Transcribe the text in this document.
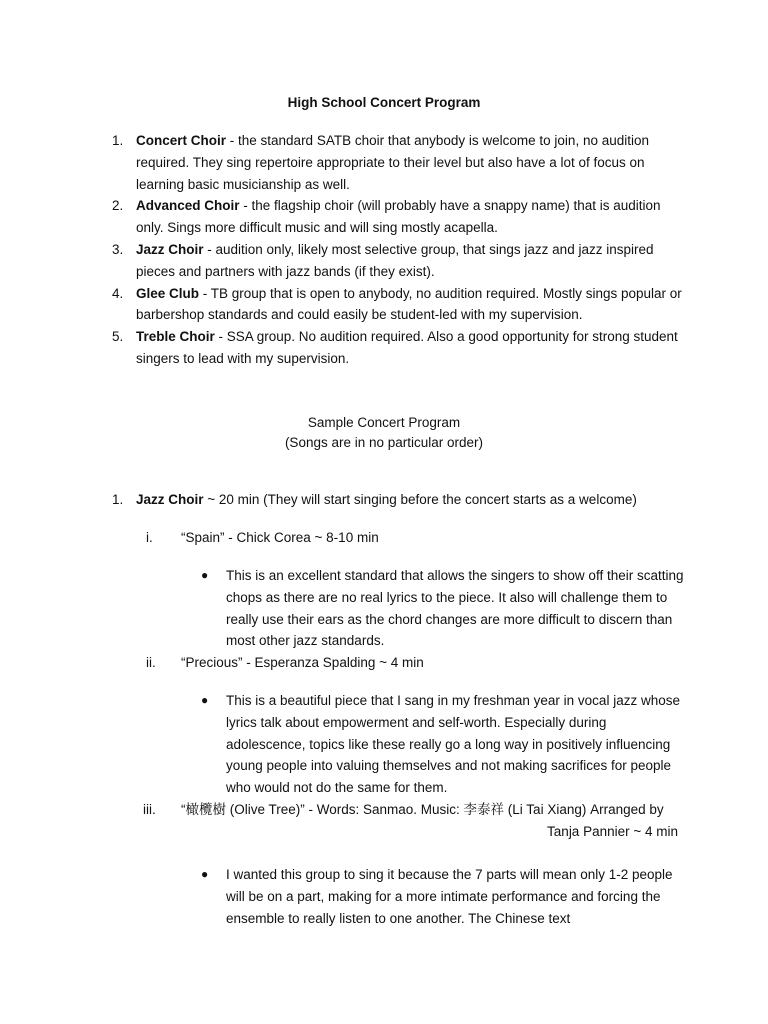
High School Concert Program
1. Concert Choir - the standard SATB choir that anybody is welcome to join, no audition required. They sing repertoire appropriate to their level but also have a lot of focus on learning basic musicianship as well.
2. Advanced Choir - the flagship choir (will probably have a snappy name) that is audition only. Sings more difficult music and will sing mostly acapella.
3. Jazz Choir - audition only, likely most selective group, that sings jazz and jazz inspired pieces and partners with jazz bands (if they exist).
4. Glee Club - TB group that is open to anybody, no audition required. Mostly sings popular or barbershop standards and could easily be student-led with my supervision.
5. Treble Choir - SSA group. No audition required. Also a good opportunity for strong student singers to lead with my supervision.
Sample Concert Program
(Songs are in no particular order)
1. Jazz Choir ~ 20 min (They will start singing before the concert starts as a welcome)
i. “Spain” - Chick Corea ~ 8-10 min
● This is an excellent standard that allows the singers to show off their scatting chops as there are no real lyrics to the piece. It also will challenge them to really use their ears as the chord changes are more difficult to discern than most other jazz standards.
ii. “Precious” - Esperanza Spalding ~ 4 min
● This is a beautiful piece that I sang in my freshman year in vocal jazz whose lyrics talk about empowerment and self-worth. Especially during adolescence, topics like these really go a long way in positively influencing young people into valuing themselves and not making sacrifices for people who would not do the same for them.
iii. “橄欖樹 (Olive Tree)” - Words: Sanmao. Music: 李泰祥 (Li Tai Xiang) Arranged by
Tanja Pannier ~ 4 min
● I wanted this group to sing it because the 7 parts will mean only 1-2 people will be on a part, making for a more intimate performance and forcing the ensemble to really listen to one another. The Chinese text
